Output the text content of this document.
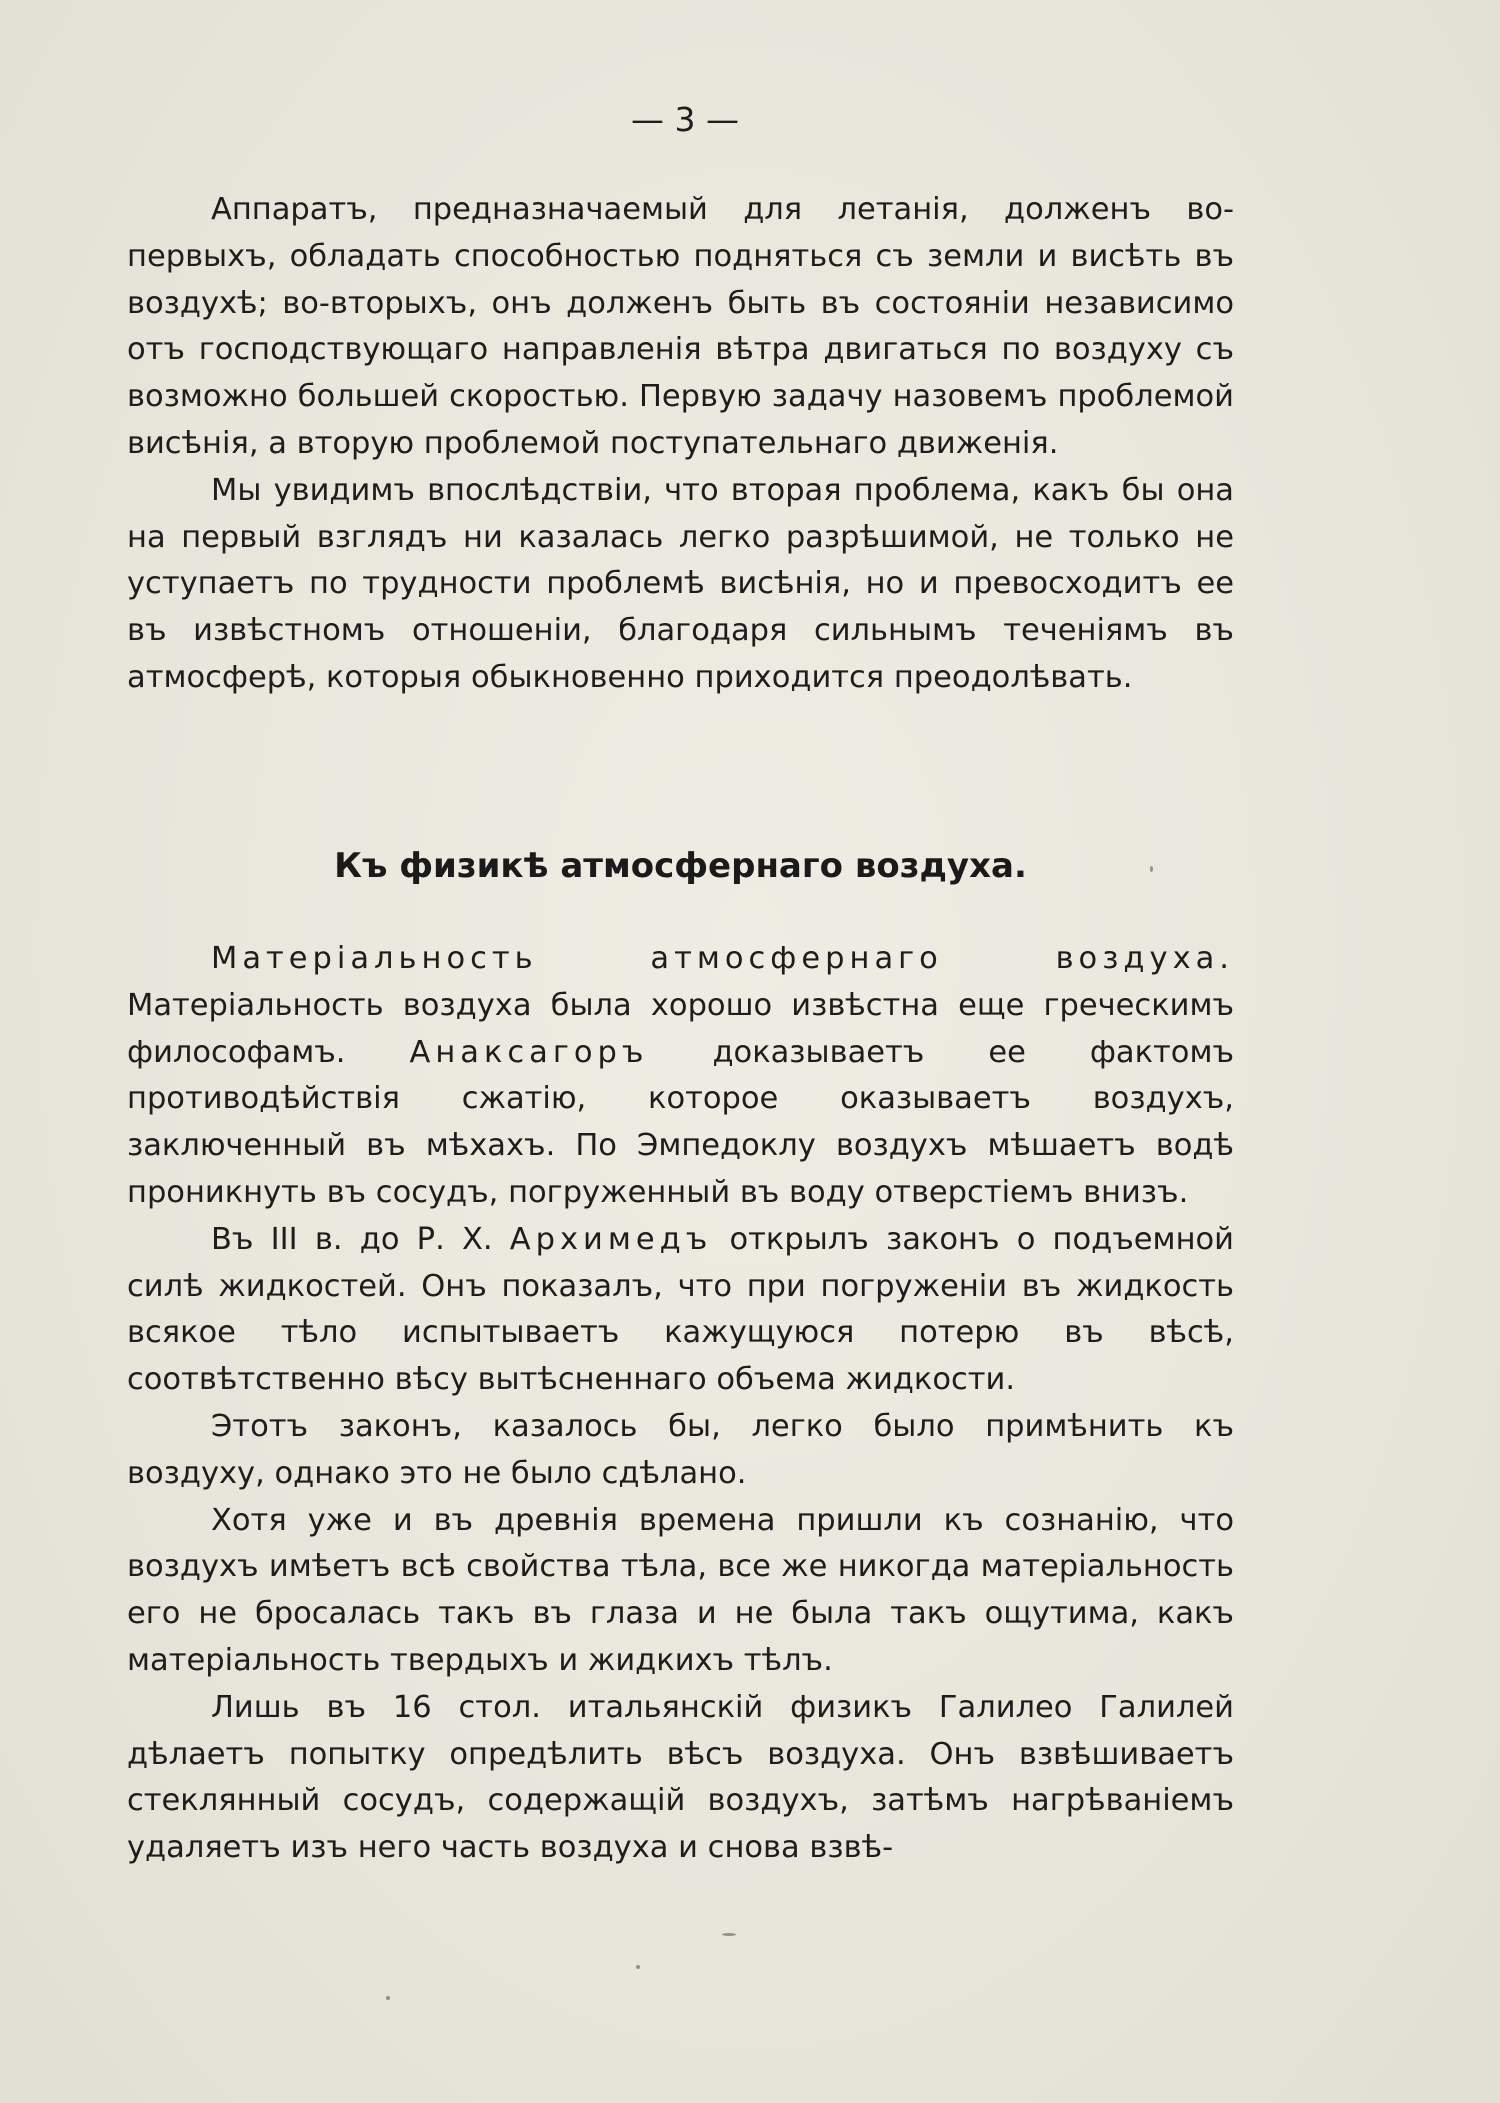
— 3 —

Аппаратъ, предназначаемый для летанія, долженъ во-первыхъ, обладать способностью подняться съ земли и висѣть въ воздухѣ; во-вторыхъ, онъ долженъ быть въ состояніи независимо отъ господствующаго направленія вѣтра двигаться по воздуху съ возможно большей скоростью. Первую задачу назовемъ проблемой висѣнія, а вторую проблемой поступательнаго движенія.

Мы увидимъ впослѣдствіи, что вторая проблема, какъ бы она на первый взглядъ ни казалась легко разрѣшимой, не только не уступаетъ по трудности проблемѣ висѣнія, но и превосходитъ ее въ извѣстномъ отношеніи, благодаря сильнымъ теченіямъ въ атмосферѣ, которыя обыкновенно приходится преодолѣвать.

Къ физикѣ атмосфернаго воздуха.

Матеріальность атмосфернаго воздуха. Матеріальность воздуха была хорошо извѣстна еще греческимъ философамъ. Анаксагоръ доказываетъ ее фактомъ противодѣйствія сжатію, которое оказываетъ воздухъ, заключенный въ мѣхахъ. По Эмпедоклу воздухъ мѣшаетъ водѣ проникнуть въ сосудъ, погруженный въ воду отверстіемъ внизъ.

Въ III в. до Р. Х. Архимедъ открылъ законъ о подъемной силѣ жидкостей. Онъ показалъ, что при погруженіи въ жидкость всякое тѣло испытываетъ кажущуюся потерю въ вѣсѣ, соотвѣтственно вѣсу вытѣсненнаго объема жидкости.

Этотъ законъ, казалось бы, легко было примѣнить къ воздуху, однако это не было сдѣлано.

Хотя уже и въ древнія времена пришли къ сознанію, что воздухъ имѣетъ всѣ свойства тѣла, все же никогда матеріальность его не бросалась такъ въ глаза и не была такъ ощутима, какъ матеріальность твердыхъ и жидкихъ тѣлъ.

Лишь въ 16 стол. итальянскій физикъ Галилео Галилей дѣлаетъ попытку опредѣлить вѣсъ воздуха. Онъ взвѣшиваетъ стеклянный сосудъ, содержащій воздухъ, затѣмъ нагрѣваніемъ удаляетъ изъ него часть воздуха и снова взвѣ-
